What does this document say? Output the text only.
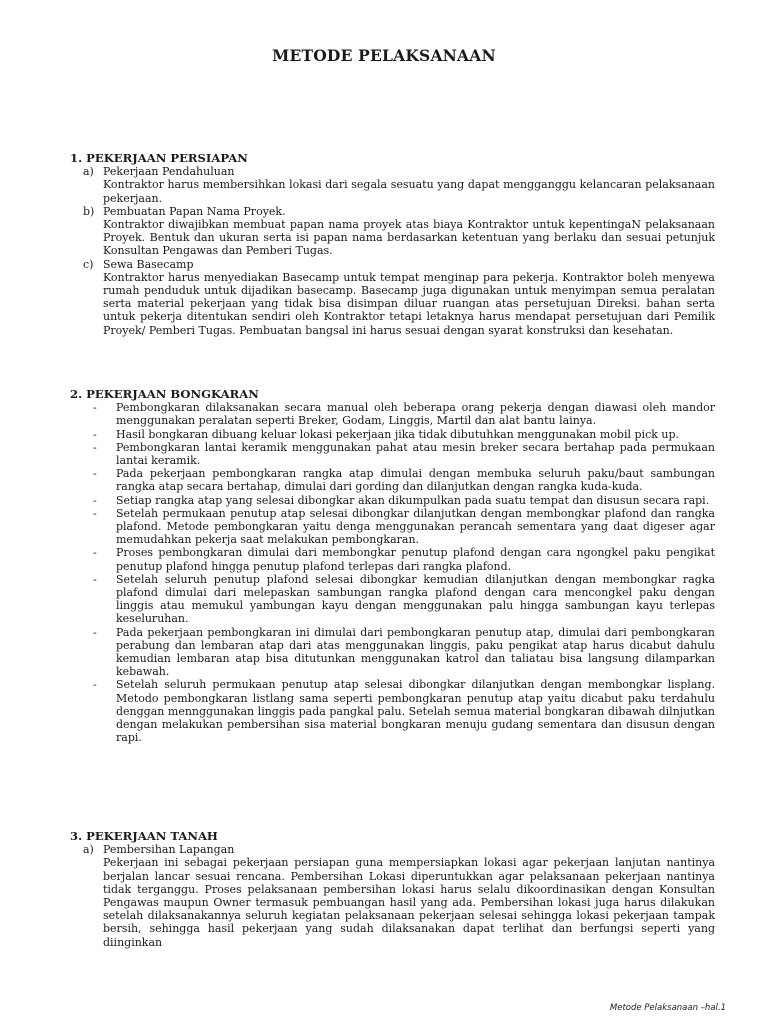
METODE PELAKSANAAN
1. PEKERJAAN PERSIAPAN
a) Pekerjaan Pendahuluan

Kontraktor harus membersihkan lokasi dari segala sesuatu yang dapat mengganggu kelancaran pelaksanaan pekerjaan.

b) Pembuatan Papan Nama Proyek.

Kontraktor diwajibkan membuat papan nama proyek atas biaya Kontraktor untuk kepentingaN pelaksanaan Proyek. Bentuk dan ukuran serta isi papan nama berdasarkan ketentuan yang berlaku dan sesuai petunjuk Konsultan Pengawas dan Pemberi Tugas.

c) Sewa Basecamp

Kontraktor harus menyediakan Basecamp untuk tempat menginap para pekerja. Kontraktor boleh menyewa rumah penduduk untuk dijadikan basecamp. Basecamp juga digunakan untuk menyimpan semua peralatan serta material pekerjaan yang tidak bisa disimpan diluar ruangan atas persetujuan Direksi. bahan serta untuk pekerja ditentukan sendiri oleh Kontraktor tetapi letaknya harus mendapat persetujuan dari Pemilik Proyek/ Pemberi Tugas. Pembuatan bangsal ini harus sesuai dengan syarat konstruksi dan kesehatan.

2. PEKERJAAN BONGKARAN
- Pembongkaran dilaksanakan secara manual oleh beberapa orang pekerja dengan diawasi oleh mandor menggunakan peralatan seperti Breker, Godam, Linggis, Martil dan alat bantu lainya.
- Hasil bongkaran dibuang keluar lokasi pekerjaan jika tidak dibutuhkan menggunakan mobil pick up.
- Pembongkaran lantai keramik menggunakan pahat atau mesin breker secara bertahap pada permukaan lantai keramik.
- Pada pekerjaan pembongkaran rangka atap dimulai dengan membuka seluruh paku/baut sambungan rangka atap secara bertahap, dimulai dari gording dan dilanjutkan dengan rangka kuda-kuda.
- Setiap rangka atap yang selesai dibongkar akan dikumpulkan pada suatu tempat dan disusun secara rapi.
- Setelah permukaan penutup atap selesai dibongkar dilanjutkan dengan membongkar plafond dan rangka plafond. Metode pembongkaran yaitu denga menggunakan perancah sementara yang daat digeser agar memudahkan pekerja saat melakukan pembongkaran.
- Proses pembongkaran dimulai dari membongkar penutup plafond dengan cara ngongkel paku pengikat penutup plafond hingga penutup plafond terlepas dari rangka plafond.
- Setelah seluruh penutup plafond selesai dibongkar kemudian dilanjutkan dengan membongkar ragka plafond dimulai dari melepaskan sambungan rangka plafond dengan cara mencongkel paku dengan linggis atau memukul yambungan kayu dengan menggunakan palu hingga sambungan kayu terlepas keseluruhan.
- Pada pekerjaan pembongkaran ini dimulai dari pembongkaran penutup atap, dimulai dari pembongkaran perabung dan lembaran atap dari atas menggunakan linggis, paku pengikat atap harus dicabut dahulu kemudian lembaran atap bisa ditutunkan menggunakan katrol dan taliatau bisa langsung dilamparkan kebawah.
- Setelah seluruh permukaan penutup atap selesai dibongkar dilanjutkan dengan membongkar lisplang. Metodo pembongkaran listlang sama seperti pembongkaran penutup atap yaitu dicabut paku terdahulu denggan mennggunakan linggis pada pangkal palu. Setelah semua material bongkaran dibawah dilnjutkan dengan melakukan pembersihan sisa material bongkaran menuju gudang sementara dan disusun dengan rapi.
3. PEKERJAAN TANAH
a) Pembersihan Lapangan

Pekerjaan ini sebagai pekerjaan persiapan guna mempersiapkan lokasi agar pekerjaan lanjutan nantinya berjalan lancar sesuai rencana. Pembersihan Lokasi diperuntukkan agar pelaksanaan pekerjaan nantinya tidak terganggu. Proses pelaksanaan pembersihan lokasi harus selalu dikoordinasikan dengan Konsultan Pengawas maupun Owner termasuk pembuangan hasil yang ada. Pembersihan lokasi juga harus dilakukan setelah dilaksanakannya seluruh kegiatan pelaksanaan pekerjaan selesai sehingga lokasi pekerjaan tampak bersih, sehingga hasil pekerjaan yang sudah dilaksanakan dapat terlihat dan berfungsi seperti yang diinginkan

Metode Pelaksanaan –hal.1
